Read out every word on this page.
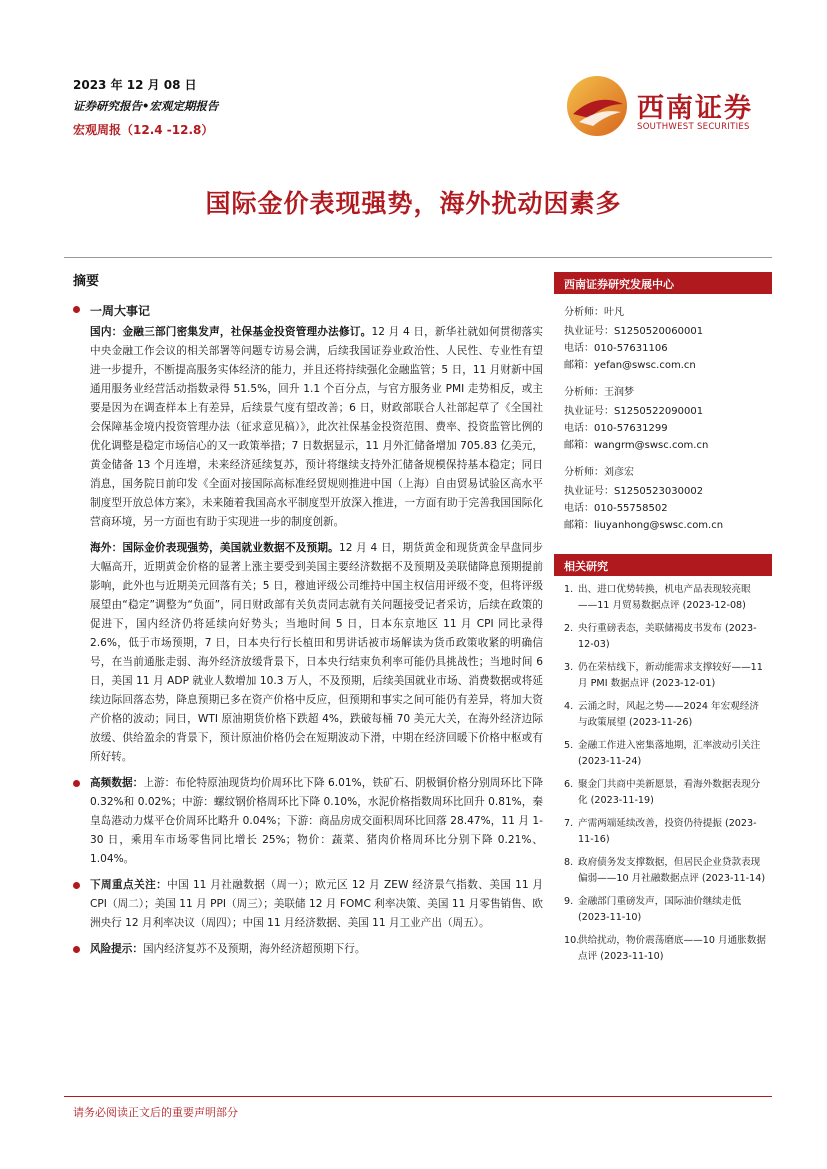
2023 年 12 月 08 日
证券研究报告•宏观定期报告
宏观周报（12.4 -12.8）
西南证券
SOUTHWEST SECURITIES
国际金价表现强势，海外扰动因素多
摘要
一周大事记

国内：金融三部门密集发声，社保基金投资管理办法修订。12 月 4 日，新华社就如何贯彻落实中央金融工作会议的相关部署等问题专访易会满，后续我国证券业政治性、人民性、专业性有望进一步提升，不断提高服务实体经济的能力，并且还将持续强化金融监管；5 日，11 月财新中国通用服务业经营活动指数录得 51.5%，回升 1.1 个百分点，与官方服务业 PMI 走势相反，或主要是因为在调查样本上有差异，后续景气度有望改善；6 日，财政部联合人社部起草了《全国社会保障基金境内投资管理办法（征求意见稿）》，此次社保基金投资范围、费率、投资监管比例的优化调整是稳定市场信心的又一政策举措；7 日数据显示，11 月外汇储备增加 705.83 亿美元，黄金储备 13 个月连增，未来经济延续复苏，预计将继续支持外汇储备规模保持基本稳定；同日消息，国务院日前印发《全面对接国际高标准经贸规则推进中国（上海）自由贸易试验区高水平制度型开放总体方案》，未来随着我国高水平制度型开放深入推进，一方面有助于完善我国国际化营商环境，另一方面也有助于实现进一步的制度创新。

海外：国际金价表现强势，美国就业数据不及预期。12 月 4 日，期货黄金和现货黄金早盘同步大幅高开，近期黄金价格的显著上涨主要受到美国主要经济数据不及预期及美联储降息预期提前影响，此外也与近期美元回落有关；5 日，穆迪评级公司维持中国主权信用评级不变，但将评级展望由“稳定”调整为“负面”，同日财政部有关负责同志就有关问题接受记者采访，后续在政策的促进下，国内经济仍将延续向好势头；当地时间 5 日，日本东京地区 11 月 CPI 同比录得 2.6%，低于市场预期，7 日，日本央行行长植田和男讲话被市场解读为货币政策收紧的明确信号，在当前通胀走弱、海外经济放缓背景下，日本央行结束负利率可能仍具挑战性；当地时间 6 日，美国 11 月 ADP 就业人数增加 10.3 万人，不及预期，后续美国就业市场、消费数据或将延续边际回落态势，降息预期已多在资产价格中反应，但预期和事实之间可能仍有差异，将加大资产价格的波动；同日，WTI 原油期货价格下跌超 4%，跌破每桶 70 美元大关，在海外经济边际放缓、供给盈余的背景下，预计原油价格仍会在短期波动下滑，中期在经济回暖下价格中枢或有所好转。

高频数据：上游：布伦特原油现货均价周环比下降 6.01%，铁矿石、阴极铜价格分别周环比下降 0.32%和 0.02%；中游：螺纹钢价格周环比下降 0.10%，水泥价格指数周环比回升 0.81%，秦皇岛港动力煤平仓价周环比略升 0.04%；下游：商品房成交面积周环比回落 28.47%，11 月 1-30 日，乘用车市场零售同比增长 25%；物价：蔬菜、猪肉价格周环比分别下降 0.21%、1.04%。

下周重点关注：中国 11 月社融数据（周一）；欧元区 12 月 ZEW 经济景气指数、美国 11 月 CPI（周二）；美国 11 月 PPI（周三）；美联储 12 月 FOMC 利率决策、美国 11 月零售销售、欧洲央行 12 月利率决议（周四）；中国 11 月经济数据、美国 11 月工业产出（周五）。

风险提示：国内经济复苏不及预期，海外经济超预期下行。

西南证券研究发展中心
分析师：叶凡
执业证号：S1250520060001
电话：010-57631106
邮箱：yefan@swsc.com.cn
分析师：王润梦
执业证号：S1250522090001
电话：010-57631299
邮箱：wangrm@swsc.com.cn
分析师：刘彦宏
执业证号：S1250523030002
电话：010-55758502
邮箱：liuyanhong@swsc.com.cn
相关研究
1. 出、进口优势转换，机电产品表现较亮眼——11 月贸易数据点评 (2023-12-08)
2. 央行重磅表态，美联储褐皮书发布 (2023-12-03)
3. 仍在荣枯线下，新动能需求支撑较好——11 月 PMI 数据点评 (2023-12-01)
4. 云涌之时，风起之势——2024 年宏观经济与政策展望 (2023-11-26)
5. 金融工作进入密集落地期，汇率波动引关注 (2023-11-24)
6. 聚金门共商中美新愿景，看海外数据表现分化 (2023-11-19)
7. 产需两端延续改善，投资仍待提振 (2023-11-16)
8. 政府债务发支撑数据，但居民企业贷款表现偏弱——10 月社融数据点评 (2023-11-14)
9. 金融部门重磅发声，国际油价继续走低 (2023-11-10)
10.
供给扰动，物价震荡磨底——10 月通胀数据点评 (2023-11-10)
请务必阅读正文后的重要声明部分
